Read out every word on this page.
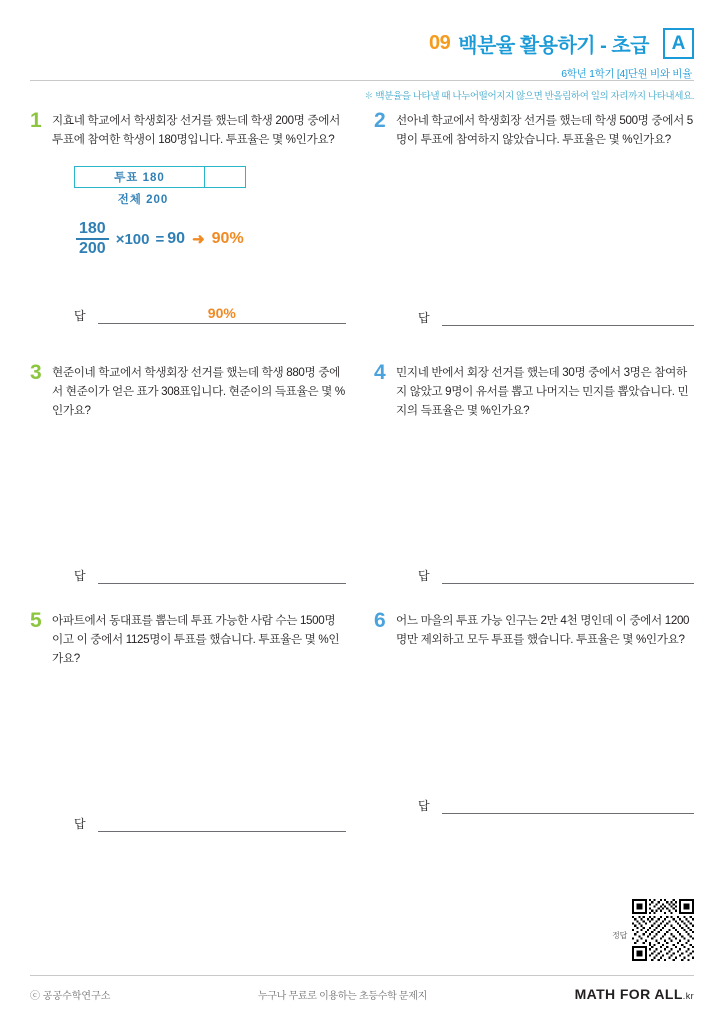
09 백분율 활용하기 - 초급	A
6학년 1학기 [4]단원 비와 비율
✽ 백분율을 나타낼 때 나누어떨어지지 않으면 반올림하여 일의 자리까지 나타내세요.
1 지효네 학교에서 학생회장 선거를 했는데 학생 200명 중에서 투표에 참여한 학생이 180명입니다. 투표율은 몇 %인가요?
투표 180
전체 200
$\frac{180}{200} \times 100 = 90$ ➜ 90%
답	90%
2 선아네 학교에서 학생회장 선거를 했는데 학생 500명 중에서 5명이 투표에 참여하지 않았습니다. 투표율은 몇 %인가요?
답
3 현준이네 학교에서 학생회장 선거를 했는데 학생 880명 중에서 현준이가 얻은 표가 308표입니다. 현준이의 득표율은 몇 %인가요?
답
4 민지네 반에서 회장 선거를 했는데 30명 중에서 3명은 참여하지 않았고 9명이 유서를 뽑고 나머지는 민지를 뽑았습니다. 민지의 득표율은 몇 %인가요?
답
5 아파트에서 동대표를 뽑는데 투표 가능한 사람 수는 1500명이고 이 중에서 1125명이 투표를 했습니다. 투표율은 몇 %인가요?
답
6 어느 마을의 투표 가능 인구는 2만 4천 명인데 이 중에서 1200명만 제외하고 모두 투표를 했습니다. 투표율은 몇 %인가요?
답
정답
ⓒ 공공수학연구소	누구나 무료로 이용하는 초등수학 문제지	MATH FOR ALL.kr
